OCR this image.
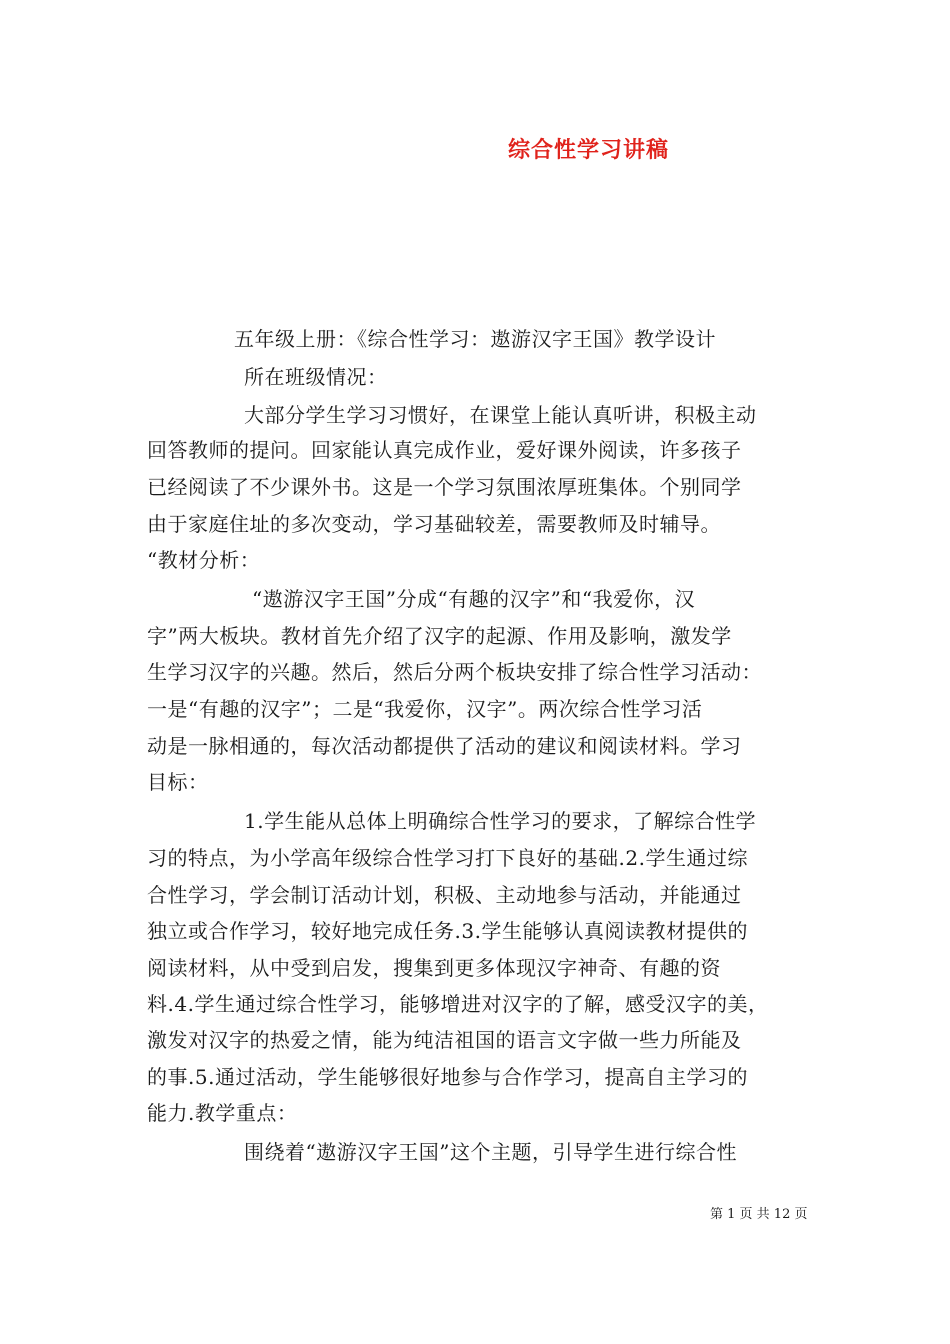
综合性学习讲稿
五年级上册：《综合性学习：遨游汉字王国》教学设计
所在班级情况：
大部分学生学习习惯好，在课堂上能认真听讲，积极主动
回答教师的提问。回家能认真完成作业，爱好课外阅读，许多孩子
已经阅读了不少课外书。这是一个学习氛围浓厚班集体。个别同学
由于家庭住址的多次变动，学习基础较差，需要教师及时辅导。
“教材分析：
“遨游汉字王国”分成“有趣的汉字”和“我爱你，汉
字”两大板块。教材首先介绍了汉字的起源、作用及影响，激发学
生学习汉字的兴趣。然后，然后分两个板块安排了综合性学习活动：
一是“有趣的汉字”；二是“我爱你，汉字”。两次综合性学习活
动是一脉相通的，每次活动都提供了活动的建议和阅读材料。学习
目标：
1.学生能从总体上明确综合性学习的要求，了解综合性学
习的特点，为小学高年级综合性学习打下良好的基础.2.学生通过综
合性学习，学会制订活动计划，积极、主动地参与活动，并能通过
独立或合作学习，较好地完成任务.3.学生能够认真阅读教材提供的
阅读材料，从中受到启发，搜集到更多体现汉字神奇、有趣的资
料.4.学生通过综合性学习，能够增进对汉字的了解，感受汉字的美，
激发对汉字的热爱之情，能为纯洁祖国的语言文字做一些力所能及
的事.5.通过活动，学生能够很好地参与合作学习，提高自主学习的
能力.教学重点：
围绕着“遨游汉字王国”这个主题，引导学生进行综合性
第 1 页 共 12 页
